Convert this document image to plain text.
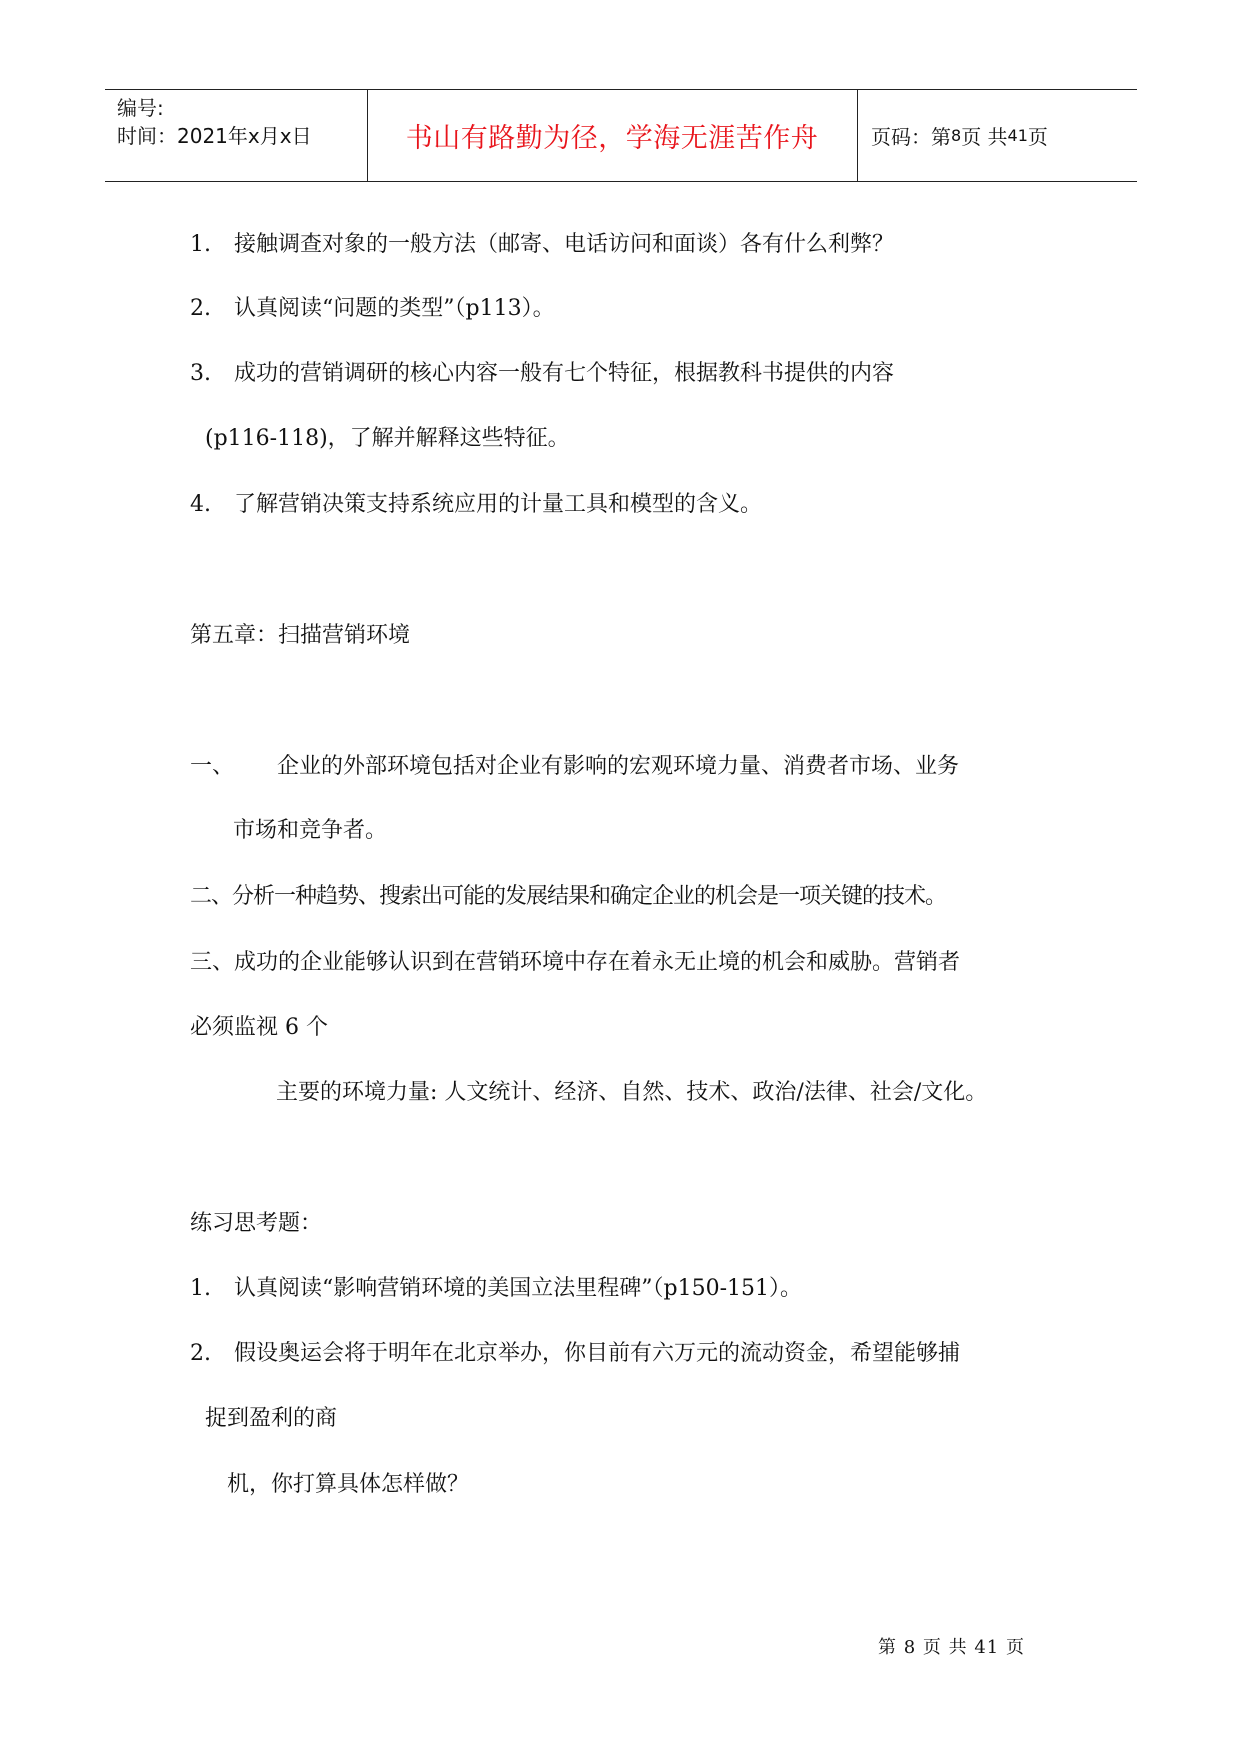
编号:
时间：2021年x月x日	书山有路勤为径，学海无涯苦作舟	页码：第 8 页 共 41 页
1. 接触调查对象的一般方法（邮寄、电话访问和面谈）各有什么利弊？
2. 认真阅读“问题的类型”（p113）。
3. 成功的营销调研的核心内容一般有七个特征，根据教科书提供的内容
(p116-118)，了解并解释这些特征。
4. 了解营销决策支持系统应用的计量工具和模型的含义。
第五章：扫描营销环境
一、 企业的外部环境包括对企业有影响的宏观环境力量、消费者市场、业务
市场和竞争者。
二、分析一种趋势、搜索出可能的发展结果和确定企业的机会是一项关键的技术。
三、成功的企业能够认识到在营销环境中存在着永无止境的机会和威胁。营销者
必须监视 6 个
主要的环境力量: 人文统计、经济、自然、技术、政治/法律、社会/文化。
练习思考题：
1. 认真阅读“影响营销环境的美国立法里程碑”（p150-151）。
2. 假设奥运会将于明年在北京举办，你目前有六万元的流动资金，希望能够捕
捉到盈利的商
机，你打算具体怎样做？
第 8 页 共 41 页
